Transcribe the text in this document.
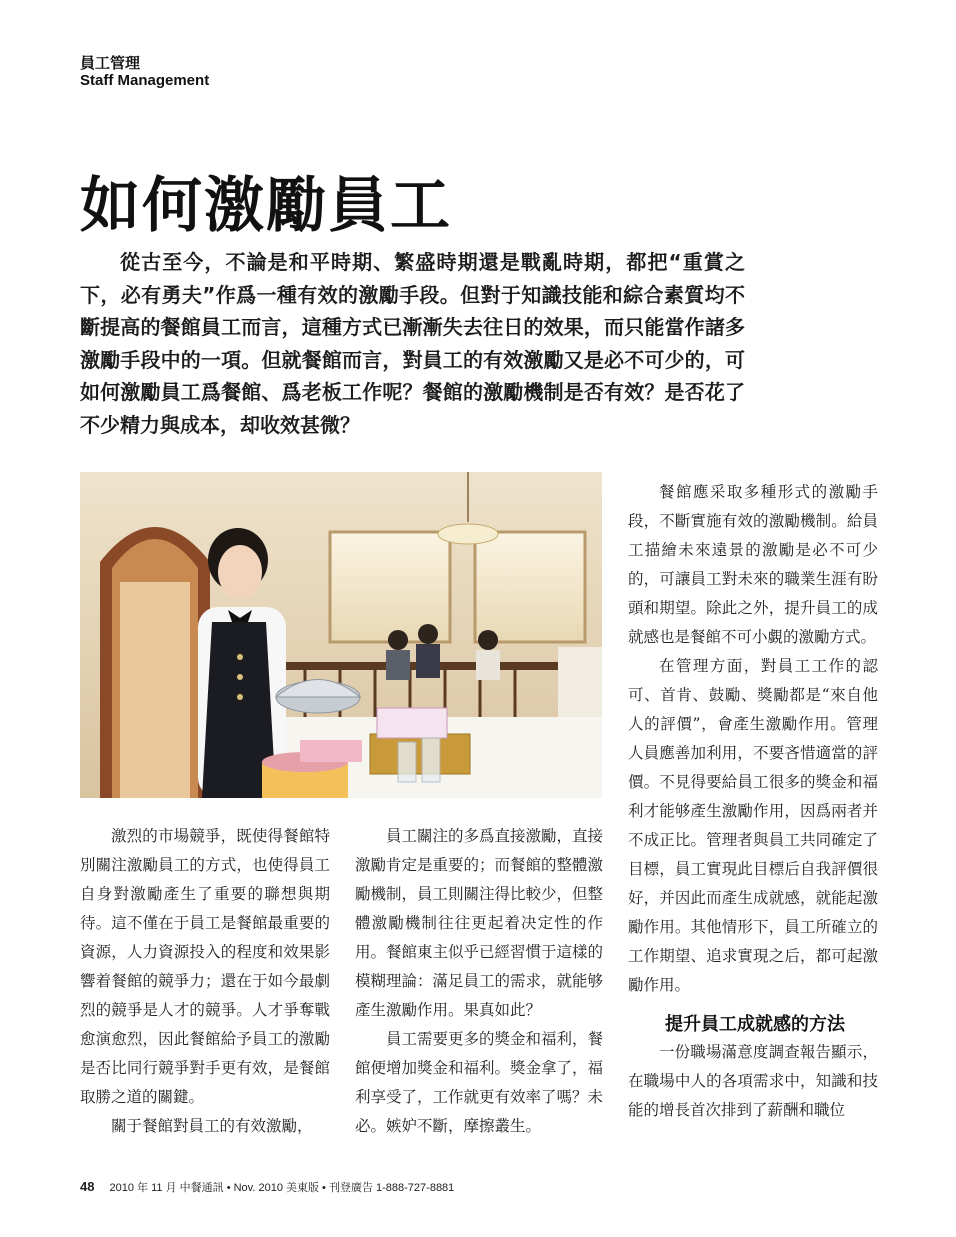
員工管理
Staff Management
如何激勵員工

從古至今，不論是和平時期、繁盛時期還是戰亂時期，都把“重賞之下，必有勇夫”作爲一種有效的激勵手段。但對于知識技能和綜合素質均不斷提高的餐館員工而言，這種方式已漸漸失去往日的效果，而只能當作諸多激勵手段中的一項。但就餐館而言，對員工的有效激勵又是必不可少的，可如何激勵員工爲餐館、爲老板工作呢？餐館的激勵機制是否有效？是否花了不少精力與成本，却收效甚微？

激烈的市場競爭，既使得餐館特別關注激勵員工的方式，也使得員工自身對激勵產生了重要的聯想與期待。這不僅在于員工是餐館最重要的資源，人力資源投入的程度和效果影響着餐館的競爭力；還在于如今最劇烈的競爭是人才的競爭。人才爭奪戰愈演愈烈，因此餐館給予員工的激勵是否比同行競爭對手更有效，是餐館取勝之道的關鍵。

關于餐館對員工的有效激勵，

員工關注的多爲直接激勵，直接激勵肯定是重要的；而餐館的整體激勵機制，員工則關注得比較少，但整體激勵機制往往更起着决定性的作用。餐館東主似乎已經習慣于這樣的模糊理論：滿足員工的需求，就能够產生激勵作用。果真如此？

員工需要更多的獎金和福利，餐館便增加獎金和福利。獎金拿了，福利享受了，工作就更有效率了嗎？未必。嫉妒不斷，摩擦叢生。

餐館應采取多種形式的激勵手段，不斷實施有效的激勵機制。給員工描繪未來遠景的激勵是必不可少的，可讓員工對未來的職業生涯有盼頭和期望。除此之外，提升員工的成就感也是餐館不可小覷的激勵方式。

在管理方面，對員工工作的認可、首肯、鼓勵、獎勵都是“來自他人的評價”，會產生激勵作用。管理人員應善加利用，不要吝惜適當的評價。不見得要給員工很多的獎金和福利才能够產生激勵作用，因爲兩者并不成正比。管理者與員工共同確定了目標，員工實現此目標后自我評價很好，并因此而產生成就感，就能起激勵作用。其他情形下，員工所確立的工作期望、追求實現之后，都可起激勵作用。

提升員工成就感的方法

一份職場滿意度調查報告顯示，在職場中人的各項需求中，知識和技能的增長首次排到了薪酬和職位

48 2010 年 11 月 中餐通訊 • Nov. 2010 美東版 • 刊登廣告 1-888-727-8881
